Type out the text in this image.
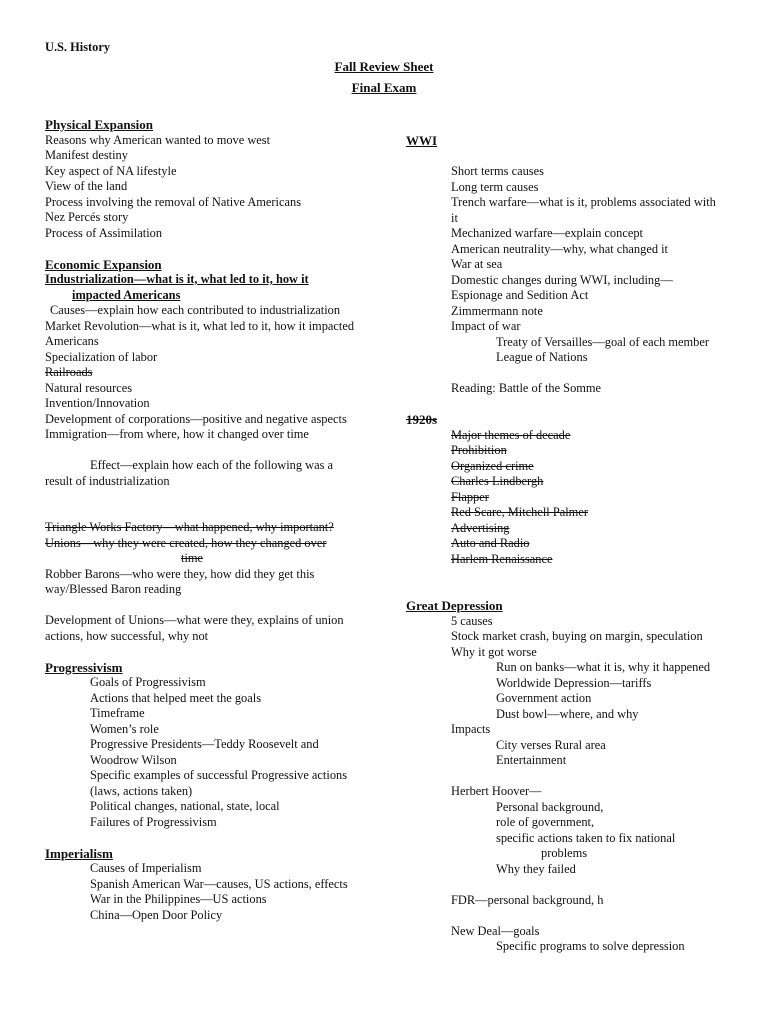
U.S. History
Fall Review Sheet
Final Exam
Physical Expansion
Reasons why American wanted to move west
Manifest destiny
Key aspect of NA lifestyle
View of the land
Process involving the removal of Native Americans
Nez Percés story
Process of Assimilation
Economic Expansion
Industrialization—what is it, what led to it, how it
impacted Americans
Causes—explain how each contributed to industrialization
Market Revolution—what is it, what led to it, how it impacted
Americans
Specialization of labor
Railroads
Natural resources
Invention/Innovation
Development of corporations—positive and negative aspects
Immigration—from where, how it changed over time
Effect—explain how each of the following was a
result of industrialization
Triangle Works Factory—what happened, why important?
Unions—why they were created, how they changed over
time
Robber Barons—who were they, how did they get this
way/Blessed Baron reading
Development of Unions—what were they, explains of union
actions, how successful, why not
Progressivism
Goals of Progressivism
Actions that helped meet the goals
Timeframe
Women’s role
Progressive Presidents—Teddy Roosevelt and
Woodrow Wilson
Specific examples of successful Progressive actions
(laws, actions taken)
Political changes, national, state, local
Failures of Progressivism
Imperialism
Causes of Imperialism
Spanish American War—causes, US actions, effects
War in the Philippines—US actions
China—Open Door Policy
WWI
Short terms causes
Long term causes
Trench warfare—what is it, problems associated with
it
Mechanized warfare—explain concept
American neutrality—why, what changed it
War at sea
Domestic changes during WWI, including—
Espionage and Sedition Act
Zimmermann note
Impact of war
Treaty of Versailles—goal of each member
League of Nations
Reading: Battle of the Somme
1920s
Major themes of decade
Prohibition
Organized crime
Charles Lindbergh
Flapper
Red Scare, Mitchell Palmer
Advertising
Auto and Radio
Harlem Renaissance
Great Depression
5 causes
Stock market crash, buying on margin, speculation
Why it got worse
Run on banks—what it is, why it happened
Worldwide Depression—tariffs
Government action
Dust bowl—where, and why
Impacts
City verses Rural area
Entertainment
Herbert Hoover—
Personal background,
role of government,
specific actions taken to fix national
problems
Why they failed
FDR—personal background, h
New Deal—goals
Specific programs to solve depression
